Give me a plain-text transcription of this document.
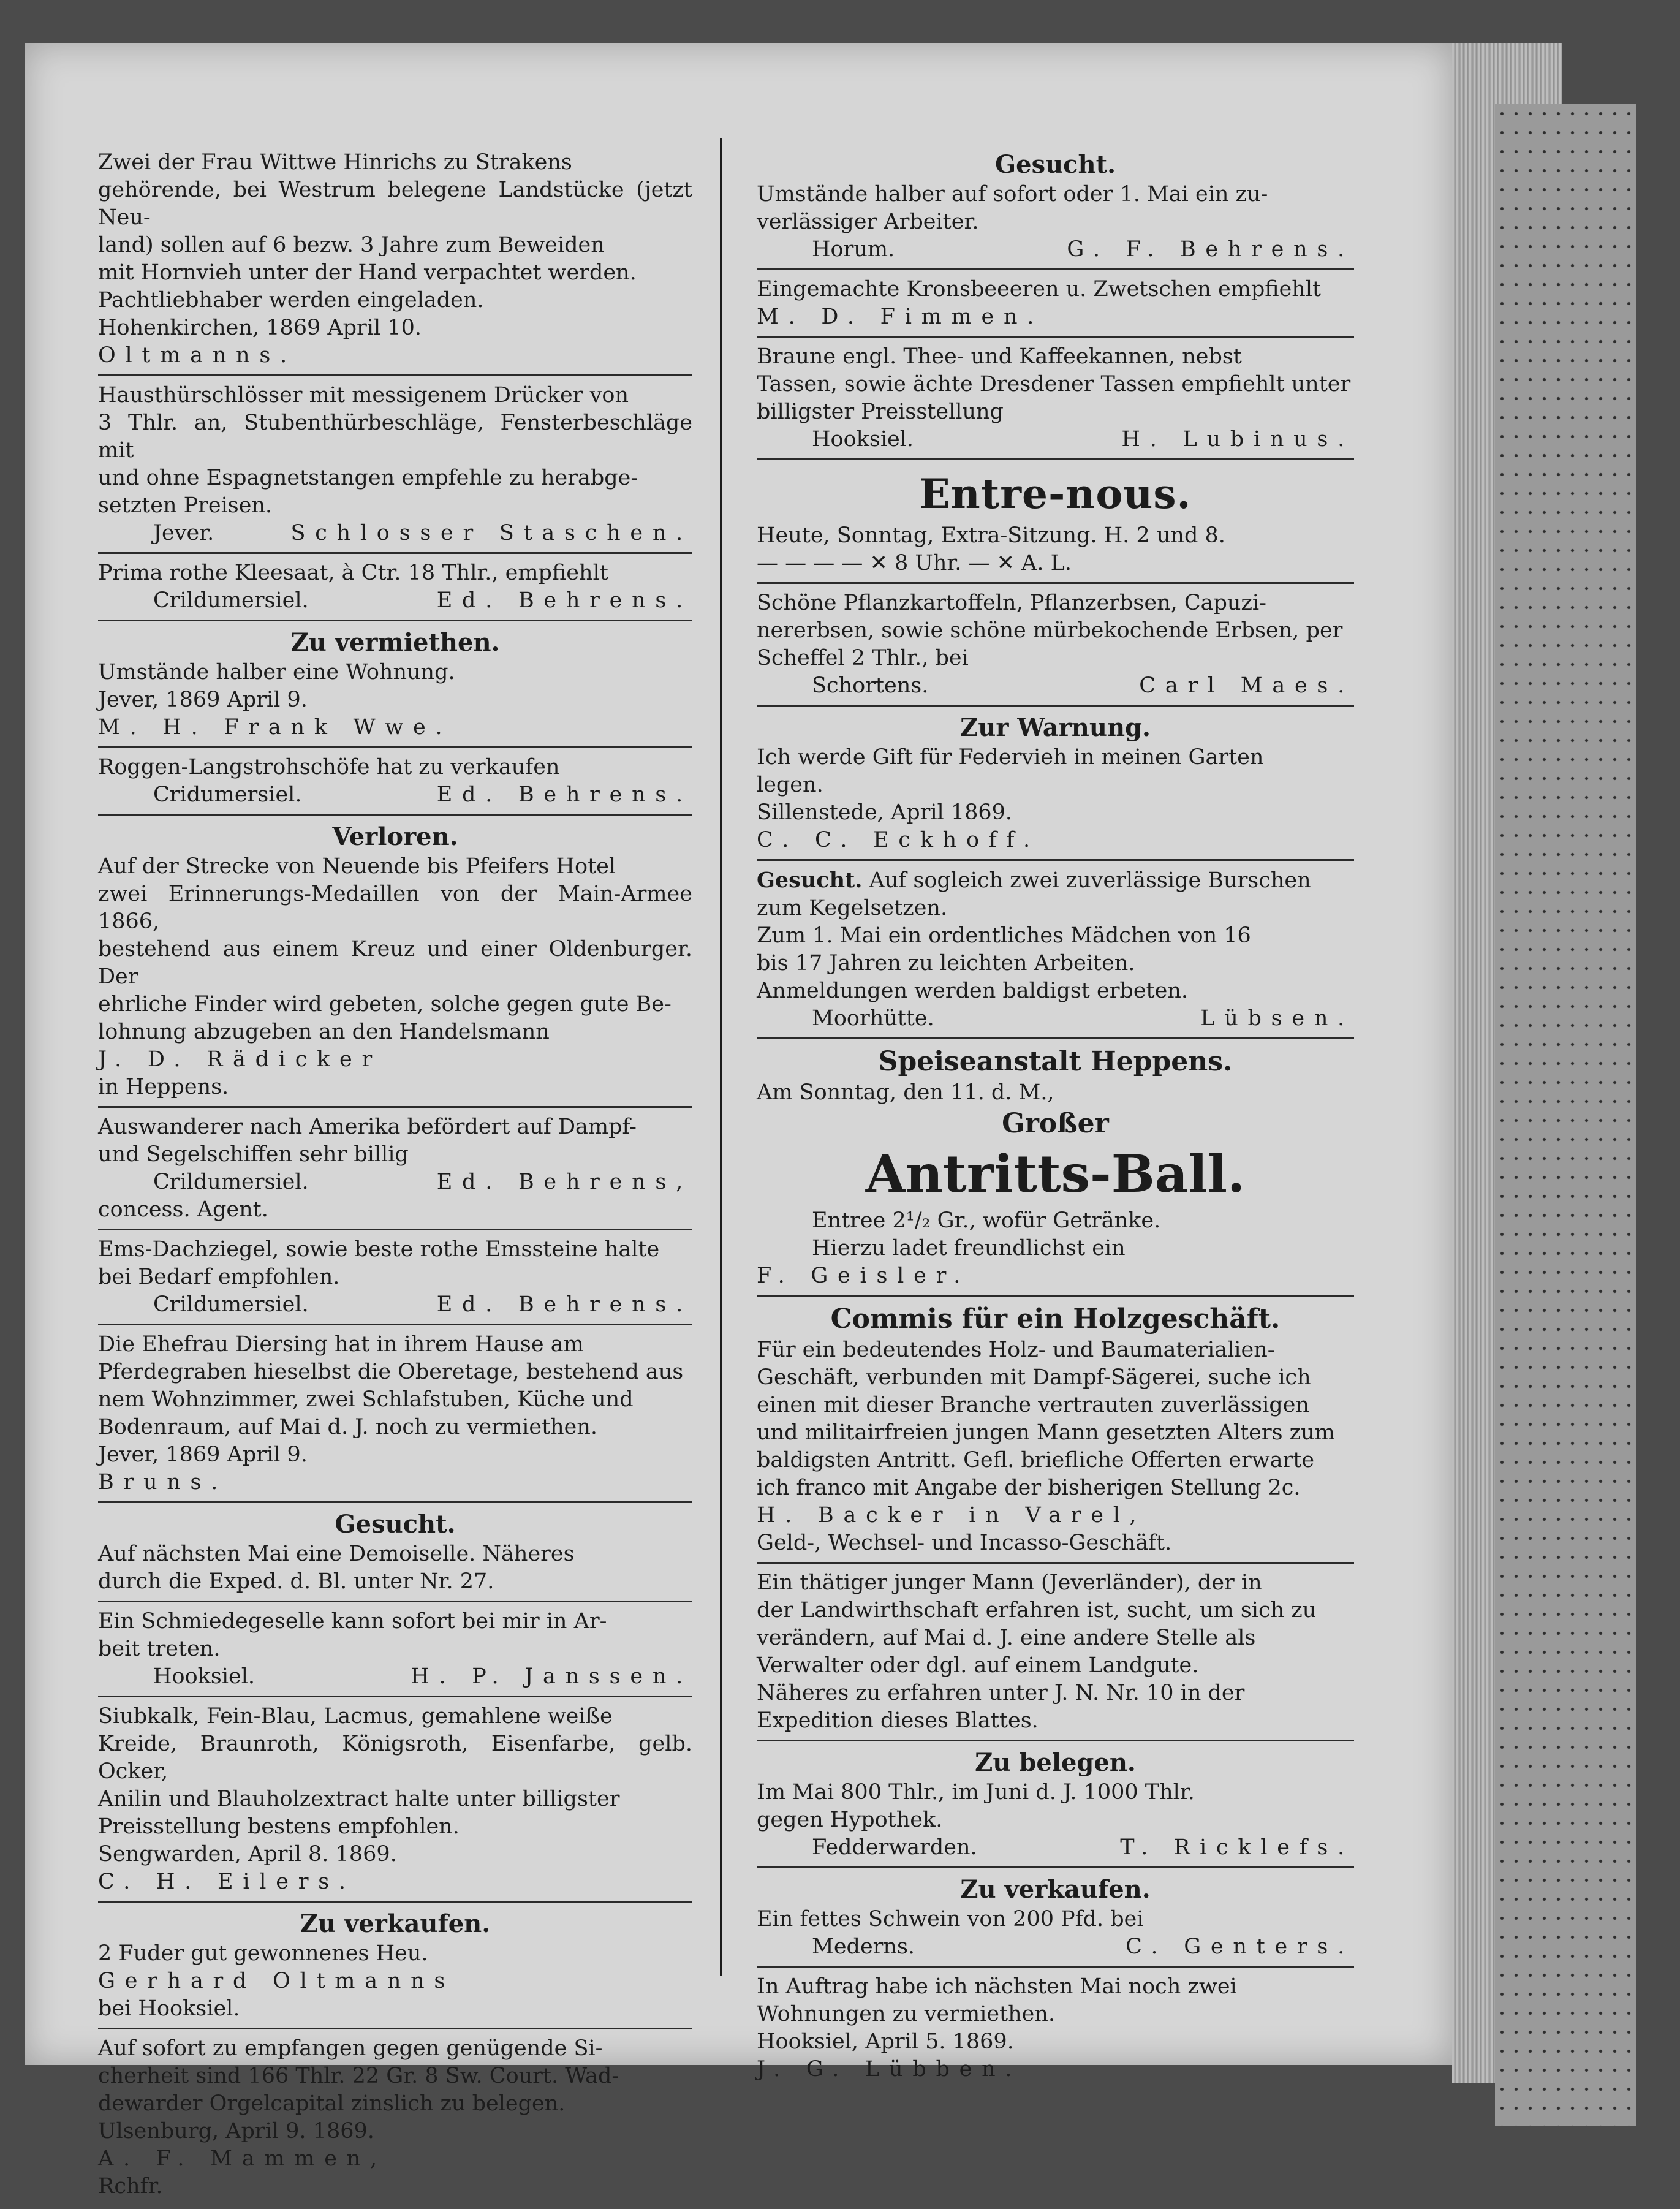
Zwei der Frau Wittwe Hinrichs zu Strakens

gehörende, bei Westrum belegene Landstücke (jetzt Neu-

land) sollen auf 6 bezw. 3 Jahre zum Beweiden

mit Hornvieh unter der Hand verpachtet werden.

Pachtliebhaber werden eingeladen.

Hohenkirchen, 1869 April 10.

Oltmanns.

Hausthürschlösser mit messigenem Drücker von

3 Thlr. an, Stubenthürbeschläge, Fensterbeschläge mit

und ohne Espagnetstangen empfehle zu herabge-

setzten Preisen.

Jever.	Schlosser Staschen.

Prima rothe Kleesaat, à Ctr. 18 Thlr., empfiehlt

Crildumersiel.	Ed. Behrens.

Zu vermiethen.

Umstände halber eine Wohnung.

Jever, 1869 April 9.

M. H. Frank Wwe.

Roggen-Langstrohschöfe hat zu verkaufen

Cridumersiel.	Ed. Behrens.

Verloren.

Auf der Strecke von Neuende bis Pfeifers Hotel

zwei Erinnerungs-Medaillen von der Main-Armee 1866,

bestehend aus einem Kreuz und einer Oldenburger. Der

ehrliche Finder wird gebeten, solche gegen gute Be-

lohnung abzugeben an den Handelsmann

J. D. Rädicker

in Heppens.

Auswanderer nach Amerika befördert auf Dampf-

und Segelschiffen sehr billig

Crildumersiel.	Ed. Behrens,

concess. Agent.

Ems-Dachziegel, sowie beste rothe Emssteine halte

bei Bedarf empfohlen.

Crildumersiel.	Ed. Behrens.

Die Ehefrau Diersing hat in ihrem Hause am

Pferdegraben hieselbst die Oberetage, bestehend aus

nem Wohnzimmer, zwei Schlafstuben, Küche und

Bodenraum, auf Mai d. J. noch zu vermiethen.

Jever, 1869 April 9.

Bruns.

Gesucht.

Auf nächsten Mai eine Demoiselle. Näheres

durch die Exped. d. Bl. unter Nr. 27.

Ein Schmiedegeselle kann sofort bei mir in Ar-

beit treten.

Hooksiel.	H. P. Janssen.

Siubkalk, Fein-Blau, Lacmus, gemahlene weiße

Kreide, Braunroth, Königsroth, Eisenfarbe, gelb. Ocker,

Anilin und Blauholzextract halte unter billigster

Preisstellung bestens empfohlen.

Sengwarden, April 8. 1869.

C. H. Eilers.

Zu verkaufen.

2 Fuder gut gewonnenes Heu.

Gerhard Oltmanns

bei Hooksiel.

Auf sofort zu empfangen gegen genügende Si-

cherheit sind 166 Thlr. 22 Gr. 8 Sw. Court. Wad-

dewarder Orgelcapital zinslich zu belegen.

Ulsenburg, April 9. 1869.

A. F. Mammen,

Rchfr.

Gesucht.

Umstände halber auf sofort oder 1. Mai ein zu-

verlässiger Arbeiter.

Horum.	G. F. Behrens.

Eingemachte Kronsbeeeren u. Zwetschen empfiehlt

M. D. Fimmen.

Braune engl. Thee- und Kaffeekannen, nebst

Tassen, sowie ächte Dresdener Tassen empfiehlt unter

billigster Preisstellung

Hooksiel.	H. Lubinus.

Entre-nous.

Heute, Sonntag, Extra-Sitzung. H. 2 und 8.

— — — — ✕ 8 Uhr. — ✕ A. L.

Schöne Pflanzkartoffeln, Pflanzerbsen, Capuzi-

nererbsen, sowie schöne mürbekochende Erbsen, per

Scheffel 2 Thlr., bei

Schortens.	Carl Maes.

Zur Warnung.

Ich werde Gift für Federvieh in meinen Garten

legen.

Sillenstede, April 1869.

C. C. Eckhoff.

Gesucht. Auf sogleich zwei zuverlässige Burschen

zum Kegelsetzen.

Zum 1. Mai ein ordentliches Mädchen von 16

bis 17 Jahren zu leichten Arbeiten.

Anmeldungen werden baldigst erbeten.

Moorhütte.	Lübsen.

Speiseanstalt Heppens.

Am Sonntag, den 11. d. M.,

Großer

Antritts-Ball.

Entree 2¹/₂ Gr., wofür Getränke.

Hierzu ladet freundlichst ein

F. Geisler.

Commis für ein Holzgeschäft.

Für ein bedeutendes Holz- und Baumaterialien-

Geschäft, verbunden mit Dampf-Sägerei, suche ich

einen mit dieser Branche vertrauten zuverlässigen

und militairfreien jungen Mann gesetzten Alters zum

baldigsten Antritt. Gefl. briefliche Offerten erwarte

ich franco mit Angabe der bisherigen Stellung 2c.

H. Backer in Varel,

Geld-, Wechsel- und Incasso-Geschäft.

Ein thätiger junger Mann (Jeverländer), der in

der Landwirthschaft erfahren ist, sucht, um sich zu

verändern, auf Mai d. J. eine andere Stelle als

Verwalter oder dgl. auf einem Landgute.

Näheres zu erfahren unter J. N. Nr. 10 in der

Expedition dieses Blattes.

Zu belegen.

Im Mai 800 Thlr., im Juni d. J. 1000 Thlr.

gegen Hypothek.

Fedderwarden.	T. Ricklefs.

Zu verkaufen.

Ein fettes Schwein von 200 Pfd. bei

Mederns.	C. Genters.

In Auftrag habe ich nächsten Mai noch zwei

Wohnungen zu vermiethen.

Hooksiel, April 5. 1869.

J. G. Lübben.
